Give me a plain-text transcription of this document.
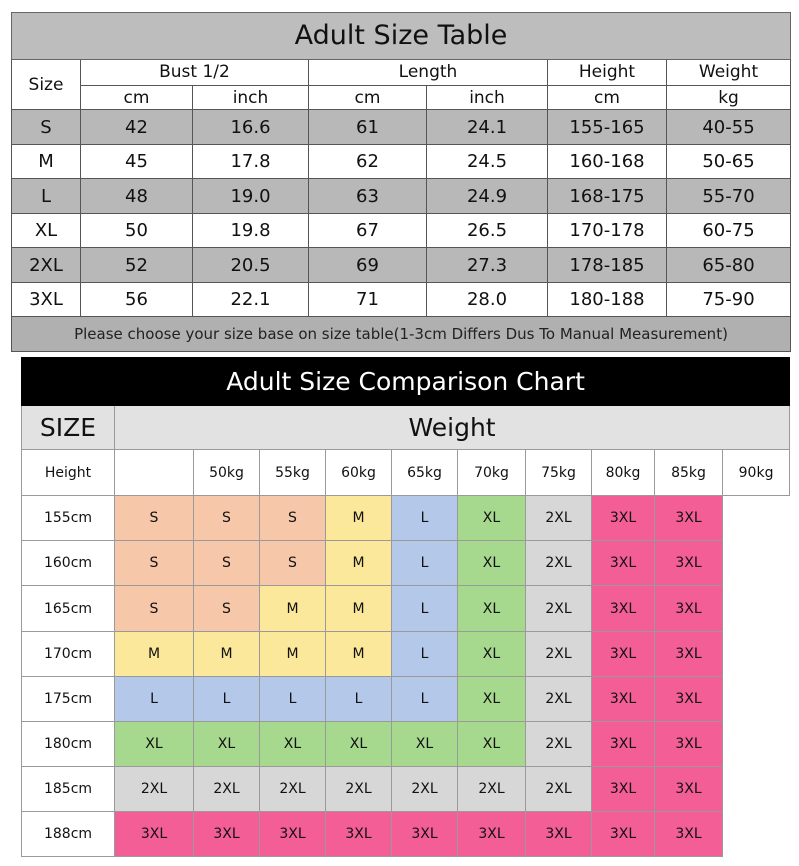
Adult Size Table						
Size	Bust 1/2		Length		Height	Weight
	cm	inch	cm	inch	cm	kg
S	42	16.6	61	24.1	155-165	40-55
M	45	17.8	62	24.5	160-168	50-65
L	48	19.0	63	24.9	168-175	55-70
XL	50	19.8	67	26.5	170-178	60-75
2XL	52	20.5	69	27.3	178-185	65-80
3XL	56	22.1	71	28.0	180-188	75-90
Please choose your size base on size table(1-3cm Differs Dus To Manual Measurement)						
Adult Size Comparison Chart										
SIZE	Weight									
Height		50kg	55kg	60kg	65kg	70kg	75kg	80kg	85kg	90kg
155cm	S	S	S	M	L	XL	2XL	3XL	3XL	
160cm	S	S	S	M	L	XL	2XL	3XL	3XL	
165cm	S	S	M	M	L	XL	2XL	3XL	3XL	
170cm	M	M	M	M	L	XL	2XL	3XL	3XL	
175cm	L	L	L	L	L	XL	2XL	3XL	3XL	
180cm	XL	XL	XL	XL	XL	XL	2XL	3XL	3XL	
185cm	2XL	2XL	2XL	2XL	2XL	2XL	2XL	3XL	3XL	
188cm	3XL	3XL	3XL	3XL	3XL	3XL	3XL	3XL	3XL	
